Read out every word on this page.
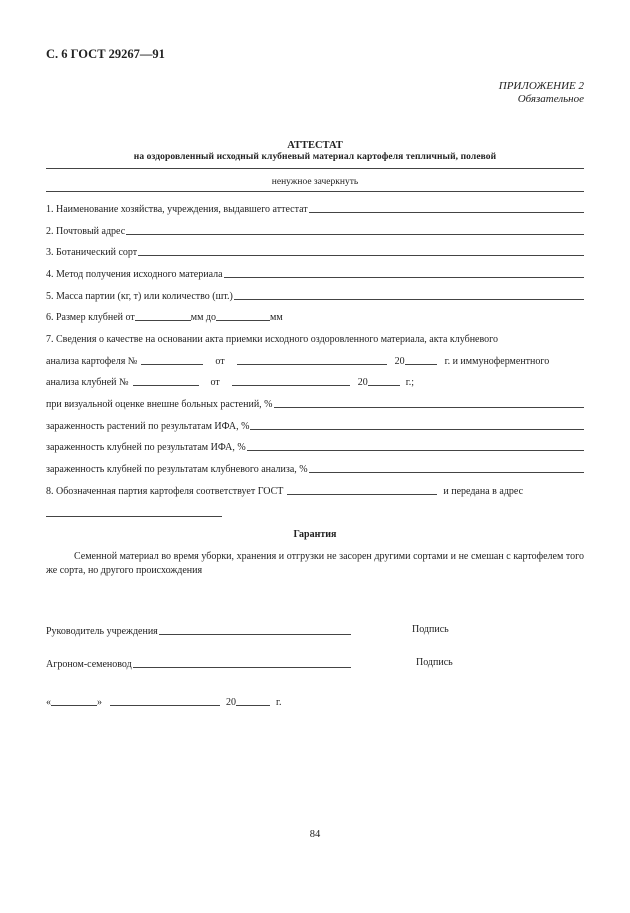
С. 6 ГОСТ 29267—91
ПРИЛОЖЕНИЕ 2
Обязательное
АТТЕСТАТ
на оздоровленный исходный клубневый материал картофеля тепличный, полевой
ненужное зачеркнуть
1. Наименование хозяйства, учреждения, выдавшего аттестат
2. Почтовый адрес
3. Ботанический сорт
4. Метод получения исходного материала
5. Масса партии (кг, т) или количество (шт.)
6. Размер клубней от	мм до	мм
7. Сведения о качестве на основании акта приемки исходного оздоровленного материала, акта клубневого
анализа картофеля №	от	20	г. и иммуноферментного
анализа клубней №	от	20	г.;
при визуальной оценке внешне больных растений, %
зараженность растений по результатам ИФА, %
зараженность клубней по результатам ИФА, %
зараженность клубней по результатам клубневого анализа, %
8. Обозначенная партия картофеля соответствует ГОСТ	и передана в адрес
Гарантия
Семенной материал во время уборки, хранения и отгрузки не засорен другими сортами и не смешан с картофелем того же сорта, но другого происхождения
Руководитель учреждения	Подпись
Агроном-семеновод	Подпись
«	»	20	г.
84
